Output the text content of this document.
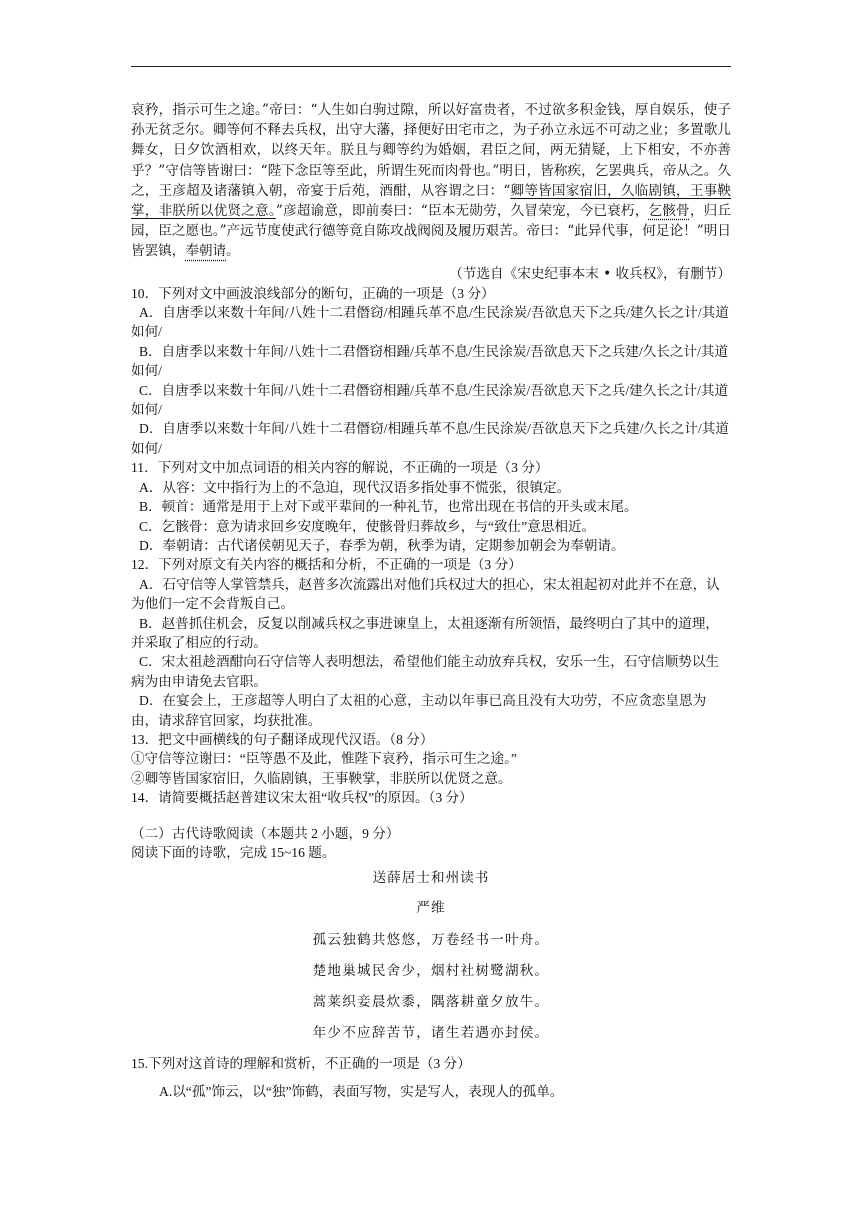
哀矜，指示可生之途。”帝曰：“人生如白驹过隙，所以好富贵者，不过欲多积金钱，厚自娱乐，使子孙无贫乏尔。卿等何不释去兵权，出守大藩，择便好田宅市之，为子孙立永远不可动之业；多置歌儿舞女，日夕饮酒相欢，以终天年。朕且与卿等约为婚姻，君臣之间，两无猜疑，上下相安，不亦善乎？”守信等皆谢曰：“陛下念臣等至此，所谓生死而肉骨也。”明日，皆称疾，乞罢典兵，帝从之。久之，王彦超及诸藩镇入朝，帝宴于后苑，酒酣，从容谓之曰：“卿等皆国家宿旧，久临剧镇，王事鞅掌，非朕所以优贤之意。”彦超谕意，即前奏曰：“臣本无勋劳，久冒荣宠，今已衰朽，乞骸骨，归丘园，臣之愿也。”产远节度使武行德等竟自陈攻战阀阅及履历艰苦。帝曰：“此异代事，何足论！”明日皆罢镇，奉朝请。

（节选自《宋史纪事本末 • 收兵权》，有删节）

10．下列对文中画波浪线部分的断句，正确的一项是（3 分）

A．自唐季以来数十年间/八姓十二君僭窃/相踵兵革不息/生民涂炭/吾欲息天下之兵/建久长之计/其道如何/

B．自唐季以来数十年间/八姓十二君僭窃相踵/兵革不息/生民涂炭/吾欲息天下之兵建/久长之计/其道如何/

C．自唐季以来数十年间/八姓十二君僭窃相踵/兵革不息/生民涂炭/吾欲息天下之兵/建久长之计/其道如何/

D．自唐季以来数十年间/八姓十二君僭窃/相踵兵革不息/生民涂炭/吾欲息天下之兵建/久长之计/其道如何/

11．下列对文中加点词语的相关内容的解说，不正确的一项是（3 分）

A．从容：文中指行为上的不急迫，现代汉语多指处事不慌张，很镇定。

B．顿首：通常是用于上对下或平辈间的一种礼节，也常出现在书信的开头或末尾。

C．乞骸骨：意为请求回乡安度晚年，使骸骨归葬故乡，与“致仕”意思相近。

D．奉朝请：古代诸侯朝见天子，春季为朝，秋季为请，定期参加朝会为奉朝请。

12．下列对原文有关内容的概括和分析，不正确的一项是（3 分）

A．石守信等人掌管禁兵，赵普多次流露出对他们兵权过大的担心，宋太祖起初对此并不在意，认为他们一定不会背叛自己。

B．赵普抓住机会，反复以削减兵权之事进谏皇上，太祖逐渐有所领悟，最终明白了其中的道理，并采取了相应的行动。

C．宋太祖趁酒酣向石守信等人表明想法，希望他们能主动放弃兵权，安乐一生，石守信顺势以生病为由申请免去官职。

D．在宴会上，王彦超等人明白了太祖的心意，主动以年事已高且没有大功劳，不应贪恋皇恩为由，请求辞官回家，均获批准。

13．把文中画横线的句子翻译成现代汉语。（8 分）

①守信等泣谢曰：“臣等愚不及此，惟陛下哀矜，指示可生之途。”

②卿等皆国家宿旧，久临剧镇，王事鞅掌，非朕所以优贤之意。

14．请简要概括赵普建议宋太祖“收兵权”的原因。（3 分）

（二）古代诗歌阅读（本题共 2 小题，9 分）

阅读下面的诗歌，完成 15~16 题。

送薛居士和州读书

严维

孤云独鹤共悠悠，万卷经书一叶舟。

楚地巢城民舍少，烟村社树鹭湖秋。

蒿莱织妾晨炊黍，隅落耕童夕放牛。

年少不应辞苦节，诸生若遇亦封侯。

15.下列对这首诗的理解和赏析，不正确的一项是（3 分）

A.以“孤”饰云，以“独”饰鹤，表面写物，实是写人，表现人的孤单。
